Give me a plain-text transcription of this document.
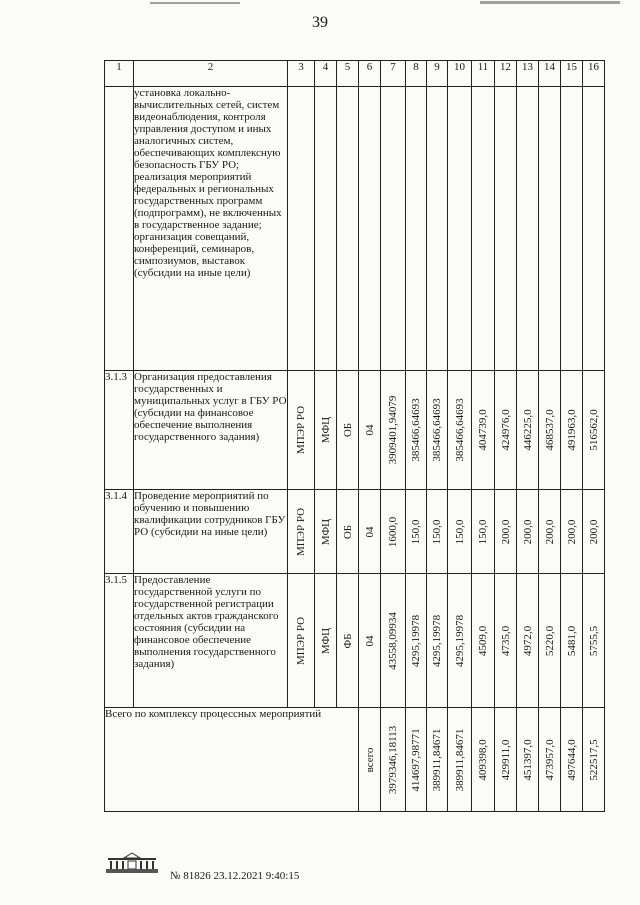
39
1	2	3	4	5	6	7	8	9	10	11	12	13	14	15	16
	установка локально-вычислительных сетей, систем видеонаблюдения, контроля управления доступом и иных аналогичных систем, обеспечивающих комплексную безопасность ГБУ РО; реализация мероприятий федеральных и региональных государственных программ (подпрограмм), не включенных в государственное задание; организация совещаний, конференций, семинаров, симпозиумов, выставок (субсидии на иные цели)														
3.1.3	Организация предоставления государственных и муниципальных услуг в ГБУ РО (субсидии на финансовое обеспечение выполнения государственного задания)	МПЭР РО	МФЦ	ОБ	04	3909401,94079	385466,64693	385466,64693	385466,64693	404739,0	424976,0	446225,0	468537,0	491963,0	516562,0

3.1.4	Проведение мероприятий по обучению и повышению квалификации сотрудников ГБУ РО (субсидии на иные цели)	МПЭР РО	МФЦ	ОБ	04	1600,0	150,0	150,0	150,0	150,0	200,0	200,0	200,0	200,0	200,0

3.1.5	Предоставление государственной услуги по государственной регистрации отдельных актов гражданского состояния (субсидии на финансовое обеспечение выполнения государственного задания)	МПЭР РО	МФЦ	ФБ	04	43558,09934	4295,19978	4295,19978	4295,19978	4509,0	4735,0	4972,0	5220,0	5481,0	5755,5

Всего по комплексу процессных мероприятий					всего	3979346,18113	414697,98771	389911,84671	389911,84671	409398,0	429911,0	451397,0	473957,0	497644,0	522517,5
№ 81826 23.12.2021 9:40:15
